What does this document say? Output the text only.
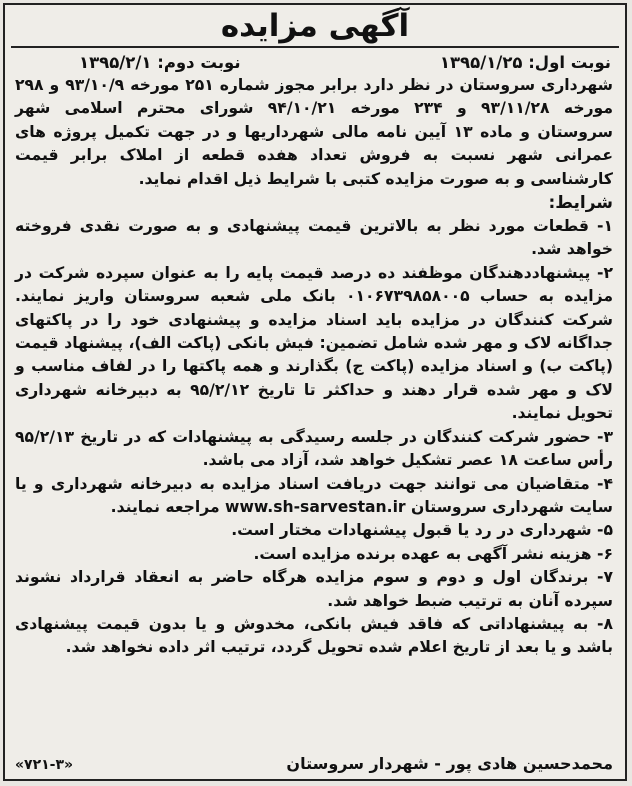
آگهی مزایده
نوبت اول: ۱۳۹۵/۱/۲۵
نوبت دوم: ۱۳۹۵/۲/۱

شهرداری سروستان در نظر دارد برابر مجوز شماره ۲۵۱ مورخه ۹۳/۱۰/۹ و ۲۹۸ مورخه ۹۳/۱۱/۲۸ و ۲۳۴ مورخه ۹۴/۱۰/۲۱ شورای محترم اسلامی شهر سروستان و ماده ۱۳ آیین نامه مالی شهرداریها و در جهت تکمیل پروژه های عمرانی شهر نسبت به فروش تعداد هفده قطعه از املاک برابر قیمت کارشناسی و به صورت مزایده کتبی با شرایط ذیل اقدام نماید.

شرایط:

۱- قطعات مورد نظر به بالاترین قیمت پیشنهادی و به صورت نقدی فروخته خواهد شد.

۲- پیشنهاددهندگان موظفند ده درصد قیمت پایه را به عنوان سپرده شرکت در مزایده به حساب ۰۱۰۶۷۳۹۸۵۸۰۰۵ بانک ملی شعبه سروستان واریز نمایند. شرکت کنندگان در مزایده باید اسناد مزایده و پیشنهادی خود را در پاکتهای جداگانه لاک و مهر شده شامل تضمین: فیش بانکی (پاکت الف)، پیشنهاد قیمت (پاکت ب) و اسناد مزایده (پاکت ج) بگذارند و همه پاکتها را در لفاف مناسب و لاک و مهر شده قرار دهند و حداکثر تا تاریخ ۹۵/۲/۱۲ به دبیرخانه شهرداری تحویل نمایند.

۳- حضور شرکت کنندگان در جلسه رسیدگی به پیشنهادات که در تاریخ ۹۵/۲/۱۳ رأس ساعت ۱۸ عصر تشکیل خواهد شد، آزاد می باشد.

۴- متقاضیان می توانند جهت دریافت اسناد مزایده به دبیرخانه شهرداری و یا سایت شهرداری سروستان www.sh-sarvestan.ir مراجعه نمایند.

۵- شهرداری در رد یا قبول پیشنهادات مختار است.

۶- هزینه نشر آگهی به عهده برنده مزایده است.

۷- برندگان اول و دوم و سوم مزایده هرگاه حاضر به انعقاد قرارداد نشوند سپرده آنان به ترتیب ضبط خواهد شد.

۸- به پیشنهاداتی که فاقد فیش بانکی، مخدوش و یا بدون قیمت پیشنهادی باشد و یا بعد از تاریخ اعلام شده تحویل گردد، ترتیب اثر داده نخواهد شد.

محمدحسین هادی پور - شهردار سروستان
«۷۲۱-۳»
